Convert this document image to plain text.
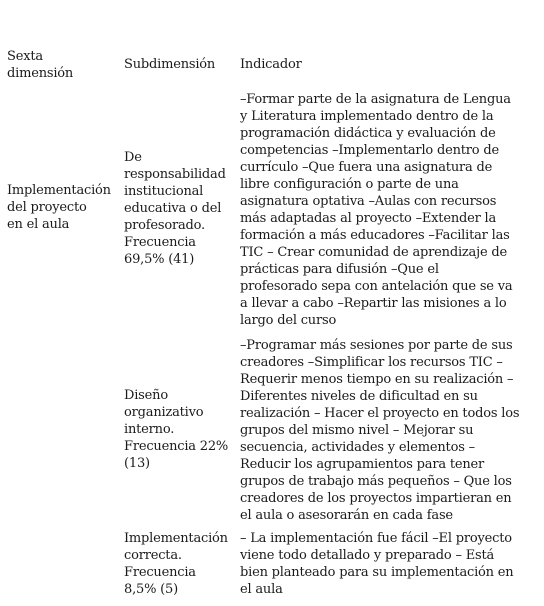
Sexta
dimensión
Subdimensión	Indicador
Implementación
del proyecto
en el aula
De
responsabilidad
institucional
educativa o del
profesorado.
Frecuencia
69,5% (41)
–Formar parte de la asignatura de Lengua
y Literatura implementado dentro de la
programación didáctica y evaluación de
competencias –Implementarlo dentro de
currículo –Que fuera una asignatura de
libre configuración o parte de una
asignatura optativa –Aulas con recursos
más adaptadas al proyecto –Extender la
formación a más educadores –Facilitar las
TIC – Crear comunidad de aprendizaje de
prácticas para difusión –Que el
profesorado sepa con antelación que se va
a llevar a cabo –Repartir las misiones a lo
largo del curso
Diseño
organizativo
interno.
Frecuencia 22%
(13)
–Programar más sesiones por parte de sus
creadores –Simplificar los recursos TIC –
Requerir menos tiempo en su realización –
Diferentes niveles de dificultad en su
realización – Hacer el proyecto en todos los
grupos del mismo nivel – Mejorar su
secuencia, actividades y elementos –
Reducir los agrupamientos para tener
grupos de trabajo más pequeños – Que los
creadores de los proyectos impartieran en
el aula o asesorarán en cada fase
Implementación
correcta.
Frecuencia
8,5% (5)
– La implementación fue fácil –El proyecto
viene todo detallado y preparado – Está
bien planteado para su implementación en
el aula
